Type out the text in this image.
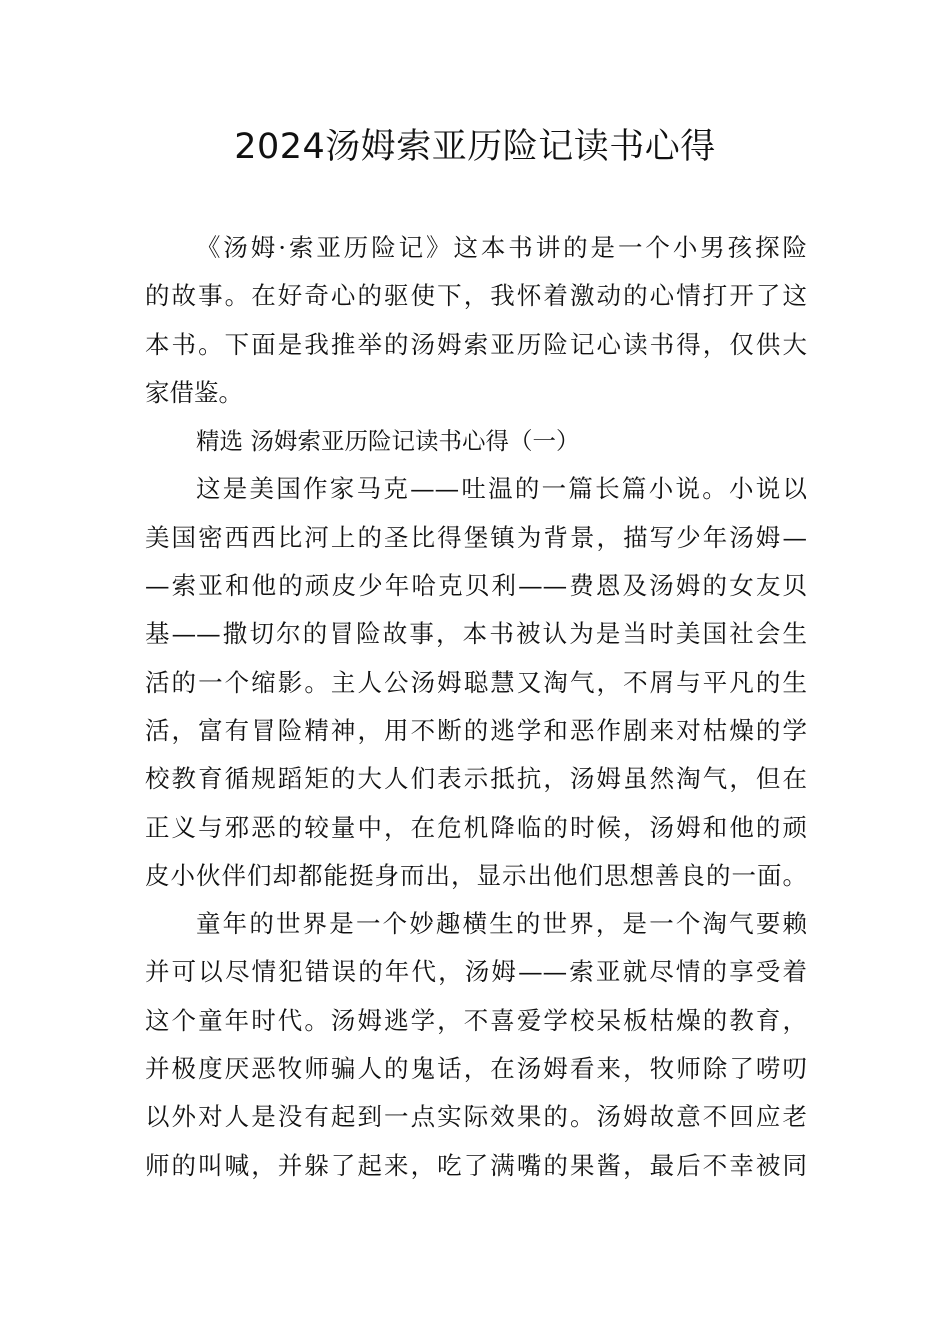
2024汤姆索亚历险记读书心得
《汤姆·索亚历险记》这本书讲的是一个小男孩探险
的故事。在好奇心的驱使下，我怀着激动的心情打开了这
本书。下面是我推举的汤姆索亚历险记心读书得，仅供大
家借鉴。
精选 汤姆索亚历险记读书心得（一）
这是美国作家马克——吐温的一篇长篇小说。小说以
美国密西西比河上的圣比得堡镇为背景，描写少年汤姆—
—索亚和他的顽皮少年哈克贝利——费恩及汤姆的女友贝
基——撒切尔的冒险故事，本书被认为是当时美国社会生
活的一个缩影。主人公汤姆聪慧又淘气，不屑与平凡的生
活，富有冒险精神，用不断的逃学和恶作剧来对枯燥的学
校教育循规蹈矩的大人们表示抵抗，汤姆虽然淘气，但在
正义与邪恶的较量中，在危机降临的时候，汤姆和他的顽
皮小伙伴们却都能挺身而出，显示出他们思想善良的一面。
童年的世界是一个妙趣横生的世界，是一个淘气要赖
并可以尽情犯错误的年代，汤姆——索亚就尽情的享受着
这个童年时代。汤姆逃学，不喜爱学校呆板枯燥的教育，
并极度厌恶牧师骗人的鬼话，在汤姆看来，牧师除了唠叨
以外对人是没有起到一点实际效果的。汤姆故意不回应老
师的叫喊，并躲了起来，吃了满嘴的果酱，最后不幸被同
